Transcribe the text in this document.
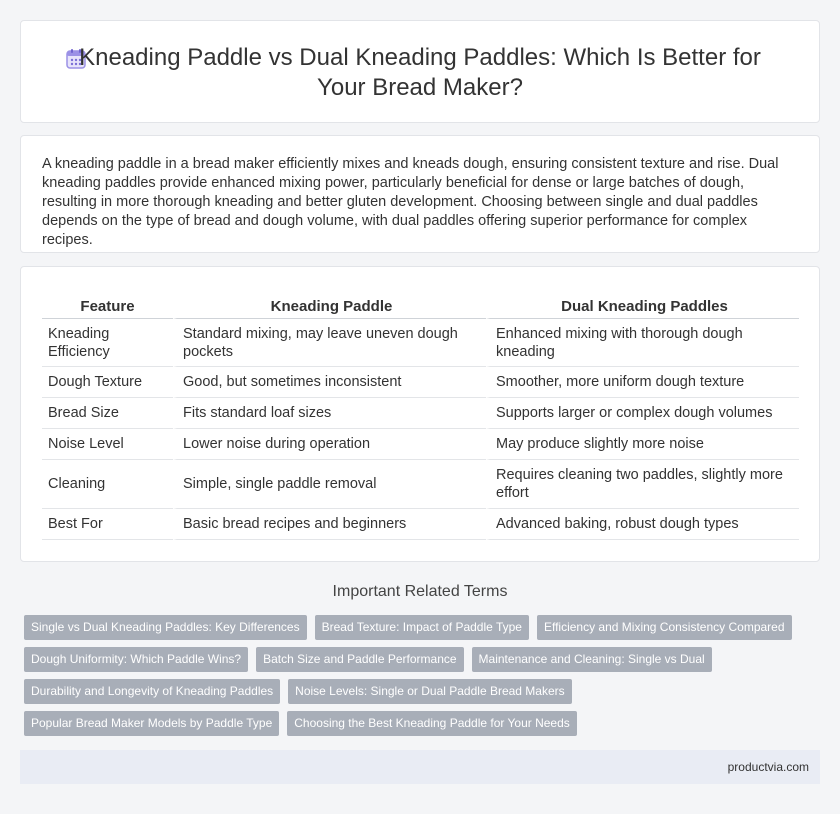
Kneading Paddle vs Dual Kneading Paddles: Which Is Better for Your Bread Maker?

A kneading paddle in a bread maker efficiently mixes and kneads dough, ensuring consistent texture and rise. Dual kneading paddles provide enhanced mixing power, particularly beneficial for dense or large batches of dough, resulting in more thorough kneading and better gluten development. Choosing between single and dual paddles depends on the type of bread and dough volume, with dual paddles offering superior performance for complex recipes.

Feature	Kneading Paddle	Dual Kneading Paddles
Kneading Efficiency	Standard mixing, may leave uneven dough pockets	Enhanced mixing with thorough dough kneading
Dough Texture	Good, but sometimes inconsistent	Smoother, more uniform dough texture
Bread Size	Fits standard loaf sizes	Supports larger or complex dough volumes
Noise Level	Lower noise during operation	May produce slightly more noise
Cleaning	Simple, single paddle removal	Requires cleaning two paddles, slightly more effort
Best For	Basic bread recipes and beginners	Advanced baking, robust dough types
Important Related Terms
Single vs Dual Kneading Paddles: Key Differences	Bread Texture: Impact of Paddle Type	Efficiency and Mixing Consistency Compared
Dough Uniformity: Which Paddle Wins?	Batch Size and Paddle Performance	Maintenance and Cleaning: Single vs Dual
Durability and Longevity of Kneading Paddles	Noise Levels: Single or Dual Paddle Bread Makers
Popular Bread Maker Models by Paddle Type	Choosing the Best Kneading Paddle for Your Needs
productvia.com
